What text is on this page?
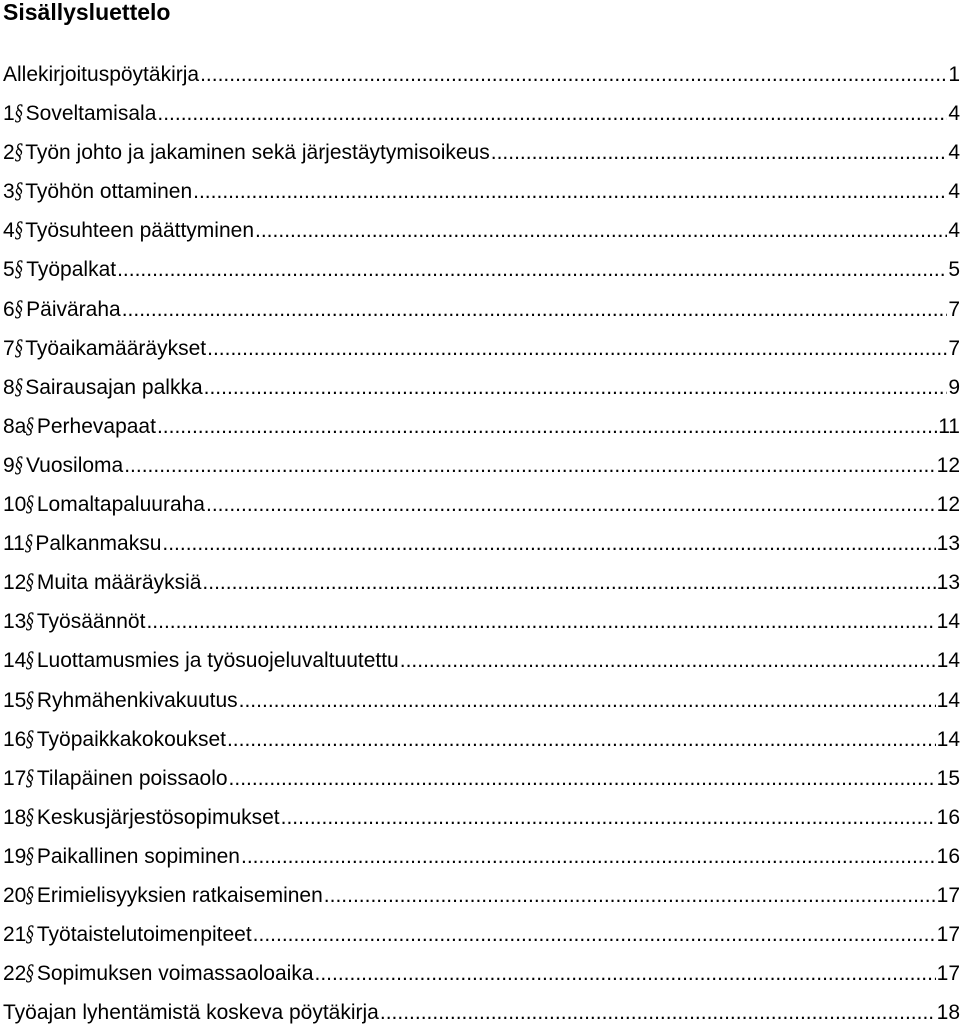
Sisällysluettelo
Allekirjoituspöytäkirja .....	1
1 § Soveltamisala .....	4
2 § Työn johto ja jakaminen sekä järjestäytymisoikeus .....	4
3 § Työhön ottaminen .....	4
4 § Työsuhteen päättyminen .....	4
5 § Työpalkat .....	5
6 § Päiväraha .....	7
7 § Työaikamääräykset .....	7
8 § Sairausajan palkka .....	9
8a § Perhevapaat .....	11
9 § Vuosiloma .....	12
10 § Lomaltapaluuraha .....	12
11 § Palkanmaksu .....	13
12 § Muita määräyksiä .....	13
13 § Työsäännöt .....	14
14 § Luottamusmies ja työsuojeluvaltuutettu .....	14
15 § Ryhmähenkivakuutus .....	14
16 § Työpaikkakokoukset .....	14
17 § Tilapäinen poissaolo .....	15
18 § Keskusjärjestösopimukset .....	16
19 § Paikallinen sopiminen .....	16
20 § Erimielisyyksien ratkaiseminen .....	17
21 § Työtaistelutoimenpiteet .....	17
22 § Sopimuksen voimassaoloaika .....	17
Työajan lyhentämistä koskeva pöytäkirja .....	18
